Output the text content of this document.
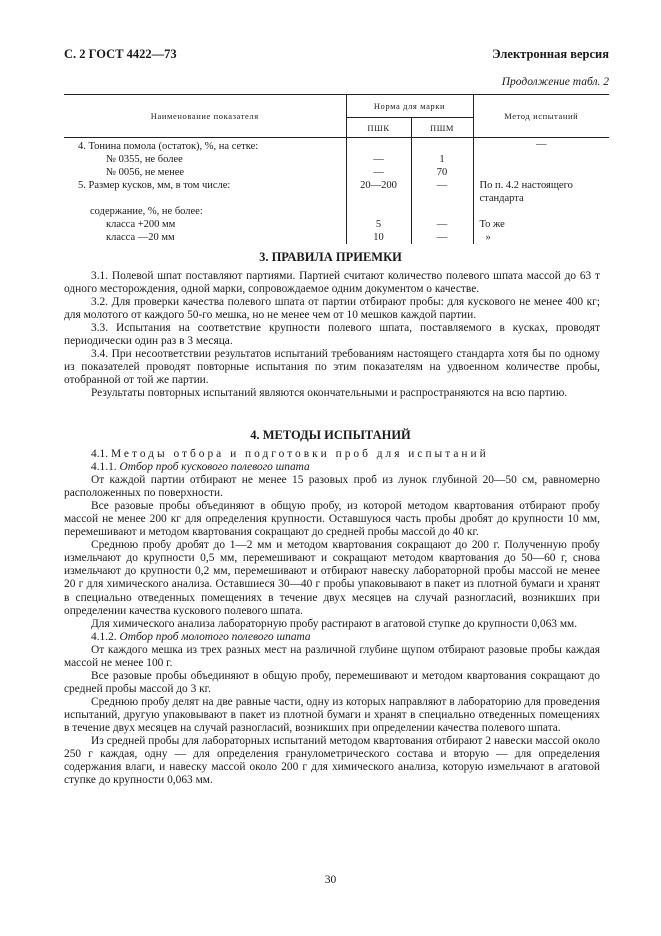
С. 2 ГОСТ 4422—73	Электронная версия
Продолжение табл. 2
Наименование показателя	Норма для марки		Метод испытаний
	ПШК	ПШМ	
4. Тонина помола (остаток), %, на сетке:			—
№ 0355, не более	—	1	
№ 0056, не менее	—	70	
5. Размер кусков, мм, в том числе:	20—200	—	По п. 4.2 настоящего стандарта
содержание, %, не более:			
класса +200 мм	5	—	То же
класса —20 мм	10	—	»
3. ПРАВИЛА ПРИЕМКИ

3.1. Полевой шпат поставляют партиями. Партией считают количество полевого шпата массой до 63 т одного месторождения, одной марки, сопровождаемое одним документом о качестве.

3.2. Для проверки качества полевого шпата от партии отбирают пробы: для кускового не менее 400 кг; для молотого от каждого 50-го мешка, но не менее чем от 10 мешков каждой партии.

3.3. Испытания на соответствие крупности полевого шпата, поставляемого в кусках, проводят периодически один раз в 3 месяца.

3.4. При несоответствии результатов испытаний требованиям настоящего стандарта хотя бы по одному из показателей проводят повторные испытания по этим показателям на удвоенном количестве пробы, отобранной от той же партии.

Результаты повторных испытаний являются окончательными и распространяются на всю партию.

4. МЕТОДЫ ИСПЫТАНИЙ

4.1. Методы отбора и подготовки проб для испытаний

4.1.1. Отбор проб кускового полевого шпата

От каждой партии отбирают не менее 15 разовых проб из лунок глубиной 20—50 см, равномерно расположенных по поверхности.

Все разовые пробы объединяют в общую пробу, из которой методом квартования отбирают пробу массой не менее 200 кг для определения крупности. Оставшуюся часть пробы дробят до крупности 10 мм, перемешивают и методом квартования сокращают до средней пробы массой до 40 кг.

Среднюю пробу дробят до 1—2 мм и методом квартования сокращают до 200 г. Полученную пробу измельчают до крупности 0,5 мм, перемешивают и сокращают методом квартования до 50—60 г, снова измельчают до крупности 0,2 мм, перемешивают и отбирают навеску лабораторной пробы массой не менее 20 г для химического анализа. Оставшиеся 30—40 г пробы упаковывают в пакет из плотной бумаги и хранят в специально отведенных помещениях в течение двух месяцев на случай разногласий, возникших при определении качества кускового полевого шпата.

Для химического анализа лабораторную пробу растирают в агатовой ступке до крупности 0,063 мм.

4.1.2. Отбор проб молотого полевого шпата

От каждого мешка из трех разных мест на различной глубине щупом отбирают разовые пробы каждая массой не менее 100 г.

Все разовые пробы объединяют в общую пробу, перемешивают и методом квартования сокращают до средней пробы массой до 3 кг.

Среднюю пробу делят на две равные части, одну из которых направляют в лабораторию для проведения испытаний, другую упаковывают в пакет из плотной бумаги и хранят в специально отведенных помещениях в течение двух месяцев на случай разногласий, возникших при определении качества полевого шпата.

Из средней пробы для лабораторных испытаний методом квартования отбирают 2 навески массой около 250 г каждая, одну — для определения гранулометрического состава и вторую — для определения содержания влаги, и навеску массой около 200 г для химического анализа, которую измельчают в агатовой ступке до крупности 0,063 мм.

30
